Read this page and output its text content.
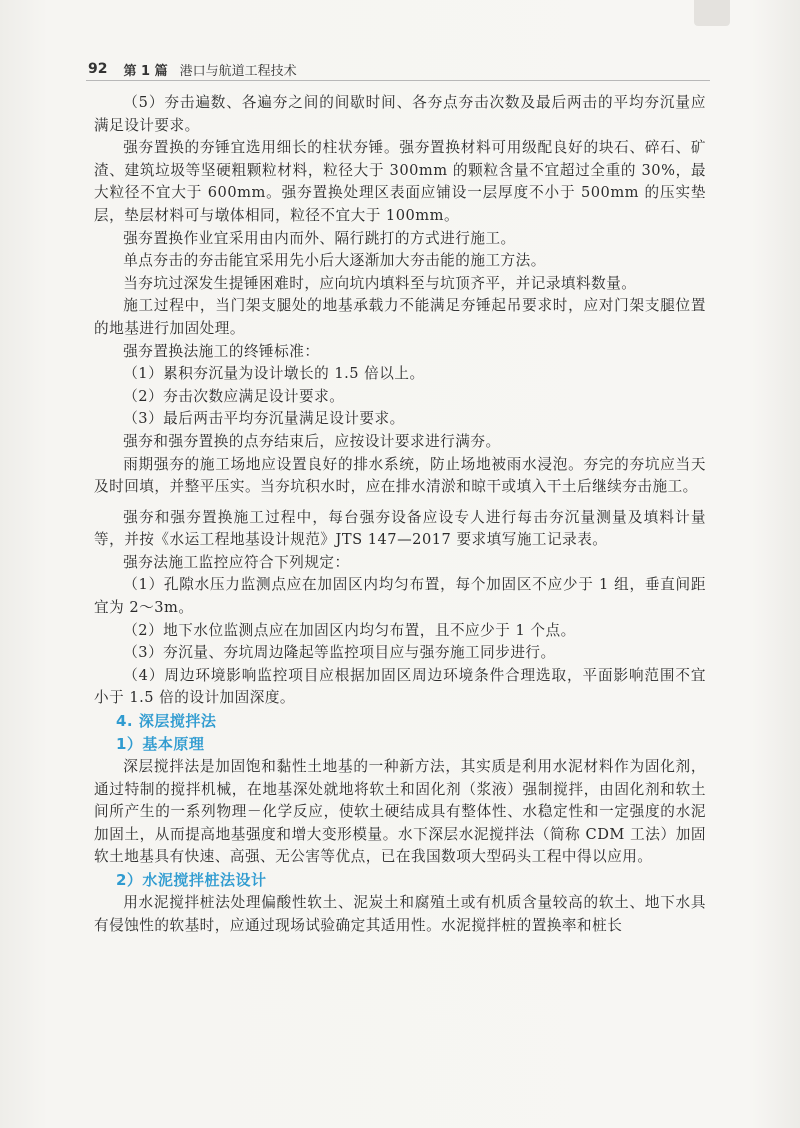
92 第 1 篇 港口与航道工程技术

（5）夯击遍数、各遍夯之间的间歇时间、各夯点夯击次数及最后两击的平均夯沉量应满足设计要求。

强夯置换的夯锤宜选用细长的柱状夯锤。强夯置换材料可用级配良好的块石、碎石、矿渣、建筑垃圾等坚硬粗颗粒材料，粒径大于 300mm 的颗粒含量不宜超过全重的 30%，最大粒径不宜大于 600mm。强夯置换处理区表面应铺设一层厚度不小于 500mm 的压实垫层，垫层材料可与墩体相同，粒径不宜大于 100mm。

强夯置换作业宜采用由内而外、隔行跳打的方式进行施工。

单点夯击的夯击能宜采用先小后大逐渐加大夯击能的施工方法。

当夯坑过深发生提锤困难时，应向坑内填料至与坑顶齐平，并记录填料数量。

施工过程中，当门架支腿处的地基承载力不能满足夯锤起吊要求时，应对门架支腿位置的地基进行加固处理。

强夯置换法施工的终锤标准：

（1）累积夯沉量为设计墩长的 1.5 倍以上。

（2）夯击次数应满足设计要求。

（3）最后两击平均夯沉量满足设计要求。

强夯和强夯置换的点夯结束后，应按设计要求进行满夯。

雨期强夯的施工场地应设置良好的排水系统，防止场地被雨水浸泡。夯完的夯坑应当天及时回填，并整平压实。当夯坑积水时，应在排水清淤和晾干或填入干土后继续夯击施工。

强夯和强夯置换施工过程中，每台强夯设备应设专人进行每击夯沉量测量及填料计量等，并按《水运工程地基设计规范》JTS 147—2017 要求填写施工记录表。

强夯法施工监控应符合下列规定：

（1）孔隙水压力监测点应在加固区内均匀布置，每个加固区不应少于 1 组，垂直间距宜为 2～3m。

（2）地下水位监测点应在加固区内均匀布置，且不应少于 1 个点。

（3）夯沉量、夯坑周边隆起等监控项目应与强夯施工同步进行。

（4）周边环境影响监控项目应根据加固区周边环境条件合理选取，平面影响范围不宜小于 1.5 倍的设计加固深度。

4. 深层搅拌法
1）基本原理

深层搅拌法是加固饱和黏性土地基的一种新方法，其实质是利用水泥材料作为固化剂，通过特制的搅拌机械，在地基深处就地将软土和固化剂（浆液）强制搅拌，由固化剂和软土间所产生的一系列物理－化学反应，使软土硬结成具有整体性、水稳定性和一定强度的水泥加固土，从而提高地基强度和增大变形模量。水下深层水泥搅拌法（简称 CDM 工法）加固软土地基具有快速、高强、无公害等优点，已在我国数项大型码头工程中得以应用。

2）水泥搅拌桩法设计

用水泥搅拌桩法处理偏酸性软土、泥炭土和腐殖土或有机质含量较高的软土、地下水具有侵蚀性的软基时，应通过现场试验确定其适用性。水泥搅拌桩的置换率和桩长
